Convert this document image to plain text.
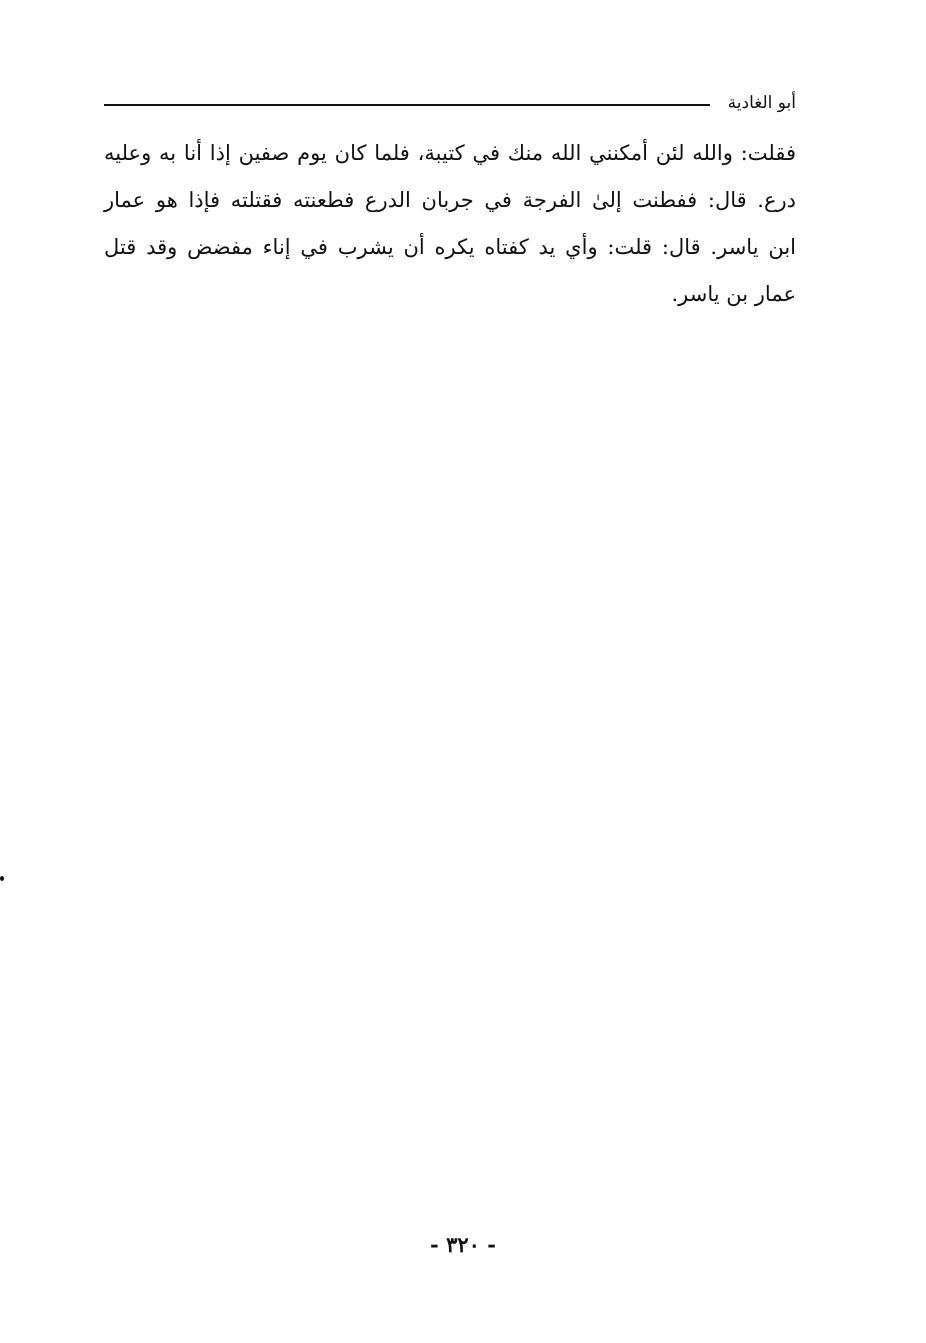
أبو الغادية
فقلت: والله لئن أمكنني الله منك في كتيبة، فلما كان يوم صفين إذا أنا به وعليه
درع. قال: ففطنت إلىٰ الفرجة في جربان الدرع فطعنته فقتلته فإذا هو عمار
ابن ياسر. قال: قلت: وأي يد كفتاه يكره أن يشرب في إناء مفضض وقد قتل
عمار بن ياسر.
- ٣٢٠ -
